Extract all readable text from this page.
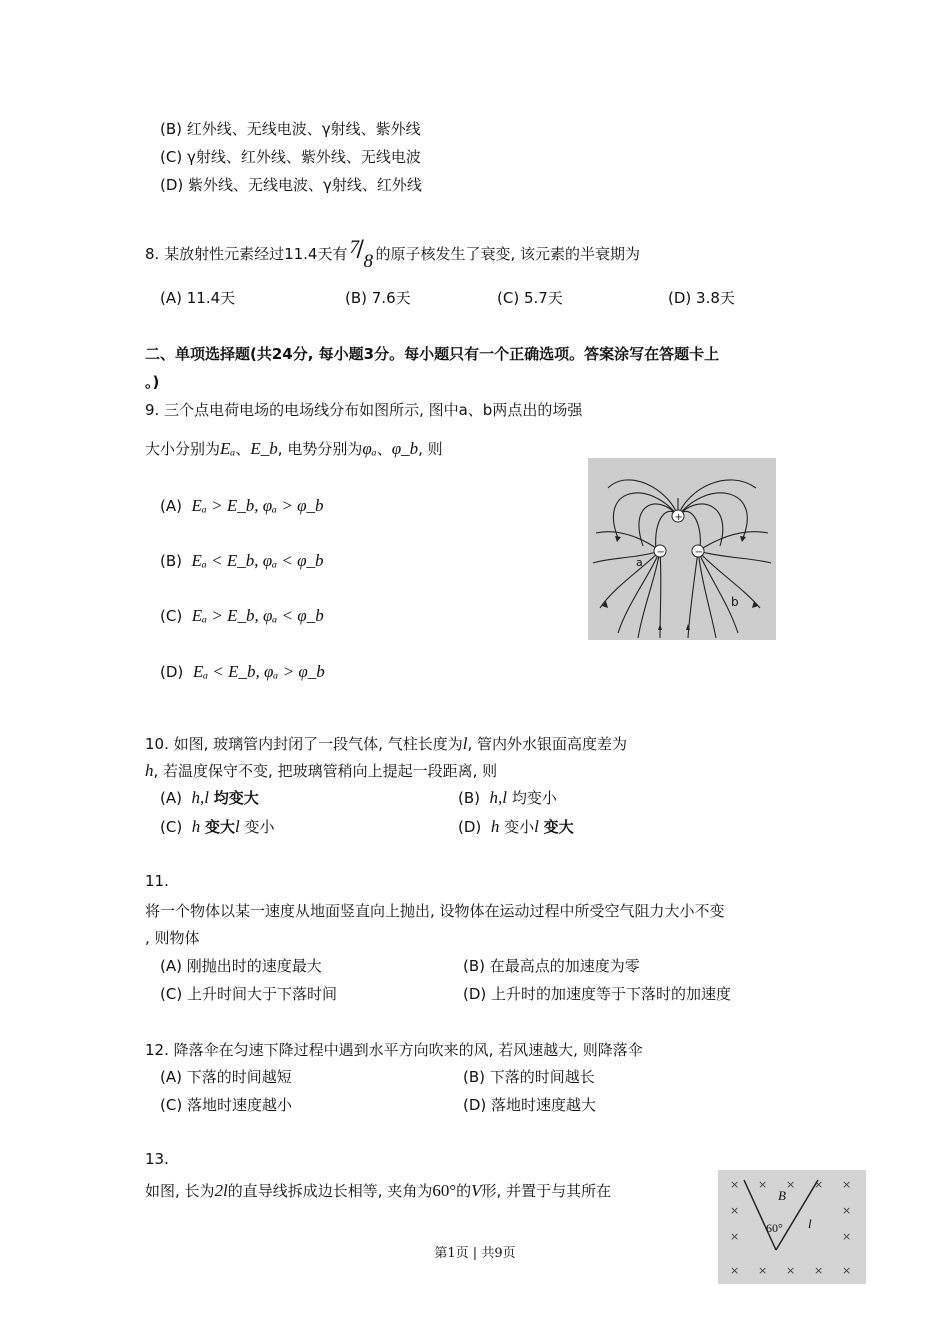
(B) 红外线、无线电波、γ射线、紫外线
(C) γ射线、红外线、紫外线、无线电波
(D) 紫外线、无线电波、γ射线、红外线
8. 某放射性元素经过11.4天有 7
/ 8 的原子核发生了衰变, 该元素的半衰期为
(A) 11.4天	(B) 7.6天	(C) 5.7天	(D) 3.8天
二、单项选择题(共24分, 每小题3分。每小题只有一个正确选项。答案涂写在答题卡上
。)
9. 三个点电荷电场的电场线分布如图所示, 图中a、b两点出的场强
大小分别为Eₐ、E_b, 电势分别为φₐ、φ_b, 则
(A) Eₐ > E_b, φₐ > φ_b
(B) Eₐ < E_b, φₐ < φ_b
(C) Eₐ > E_b, φₐ < φ_b
(D) Eₐ < E_b, φₐ > φ_b
+
−	−
a
b
10. 如图, 玻璃管内封闭了一段气体, 气柱长度为l, 管内外水银面高度差为
h, 若温度保守不变, 把玻璃管稍向上提起一段距离, 则
(A) h,l 均变大	(B) h,l 均变小
(C) h 变大l 变小	(D) h 变小l 变大
11.
将一个物体以某一速度从地面竖直向上抛出, 设物体在运动过程中所受空气阻力大小不变
, 则物体
(A) 刚抛出时的速度最大	(B) 在最高点的加速度为零
(C) 上升时间大于下落时间	(D) 上升时的加速度等于下落时的加速度
12. 降落伞在匀速下降过程中遇到水平方向吹来的风, 若风速越大, 则降落伞
(A) 下落的时间越短	(B) 下落的时间越长
(C) 落地时速度越小	(D) 落地时速度越大
13.
如图, 长为2l的直导线拆成边长相等, 夹角为60°的V形, 并置于与其所在	× × × × ×
×	×
×	×
× × × × ×
B
60° l
第1页 | 共9页
